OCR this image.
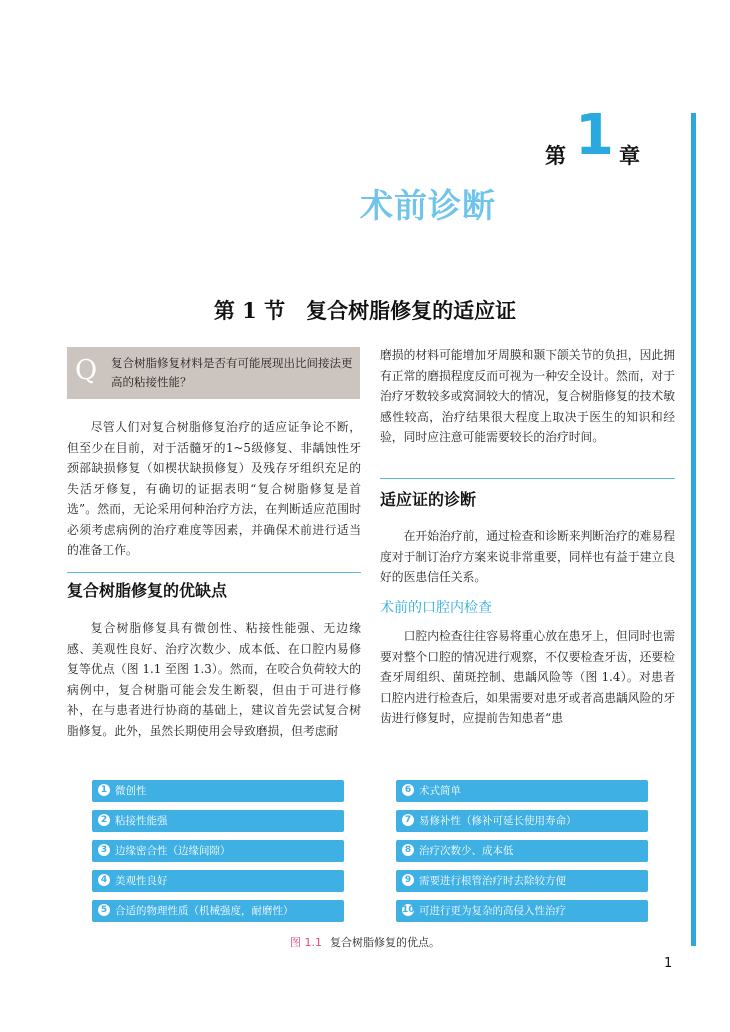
第 1 章
术前诊断
第 1 节　复合树脂修复的适应证
Q 复合树脂修复材料是否有可能展现出比间接法更高的粘接性能？

尽管人们对复合树脂修复治疗的适应证争论不断，但至少在目前，对于活髓牙的1~5级修复、非龋蚀性牙颈部缺损修复（如楔状缺损修复）及残存牙组织充足的失活牙修复，有确切的证据表明“复合树脂修复是首选”。然而，无论采用何种治疗方法，在判断适应范围时必须考虑病例的治疗难度等因素，并确保术前进行适当的准备工作。

复合树脂修复的优缺点

复合树脂修复具有微创性、粘接性能强、无边缘感、美观性良好、治疗次数少、成本低、在口腔内易修复等优点（图 1.1 至图 1.3）。然而，在咬合负荷较大的病例中，复合树脂可能会发生断裂，但由于可进行修补，在与患者进行协商的基础上，建议首先尝试复合树脂修复。此外，虽然长期使用会导致磨损，但考虑耐

磨损的材料可能增加牙周膜和颞下颌关节的负担，因此拥有正常的磨损程度反而可视为一种安全设计。然而，对于治疗牙数较多或窝洞较大的情况，复合树脂修复的技术敏感性较高，治疗结果很大程度上取决于医生的知识和经验，同时应注意可能需要较长的治疗时间。

适应证的诊断

在开始治疗前，通过检查和诊断来判断治疗的难易程度对于制订治疗方案来说非常重要，同样也有益于建立良好的医患信任关系。

术前的口腔内检查

口腔内检查往往容易将重心放在患牙上，但同时也需要对整个口腔的情况进行观察，不仅要检查牙齿，还要检查牙周组织、菌斑控制、患龋风险等（图 1.4）。对患者口腔内进行检查后，如果需要对患牙或者高患龋风险的牙齿进行修复时，应提前告知患者“患

1 微创性
2 粘接性能强
3 边缘密合性（边缘间隙）
4 美观性良好
5 合适的物理性质（机械强度，耐磨性）
6 术式简单
7 易修补性（修补可延长使用寿命）
8 治疗次数少、成本低
9 需要进行根管治疗时去除较方便
10 可进行更为复杂的高侵入性治疗
图 1.1 复合树脂修复的优点。
1
